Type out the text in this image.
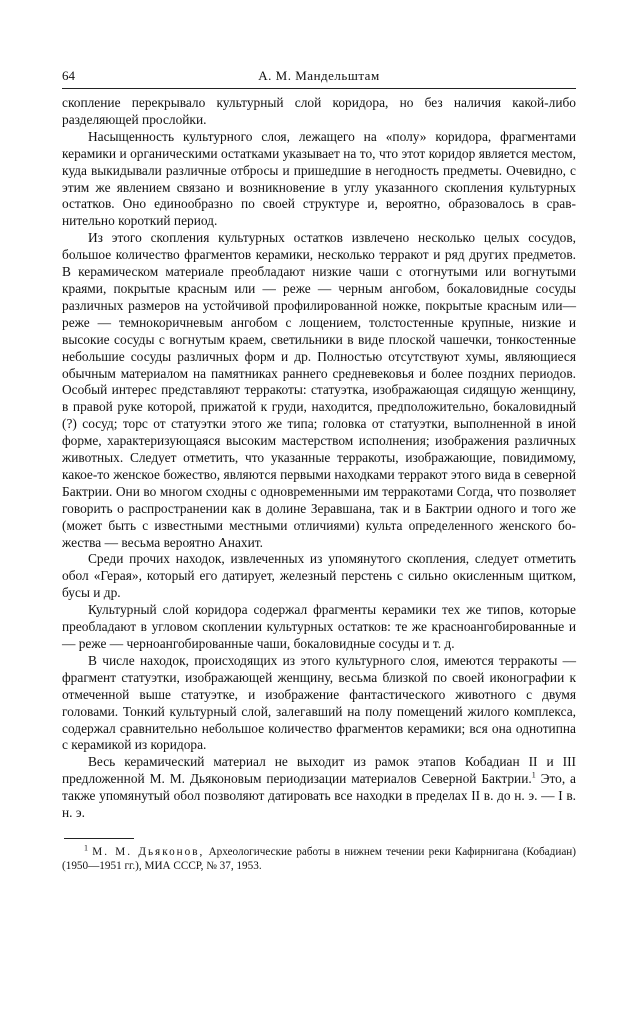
64	А. М. Мандельштам

скопление перекрывало культурный слой коридора, но без наличия какой-либо разделяющей прослойки.

Насыщенность культурного слоя, лежащего на «полу» коридора, фрагментами керамики и органическими остатками указывает на то, что этот коридор является местом, куда выкидывали различные отбросы и пришедшие в негодность предметы. Очевидно, с этим же явлением связано и возникновение в углу указанного скопления культурных остатков. Оно единообразно по своей структуре и, вероятно, образовалось в сравнительно короткий период.

Из этого скопления культурных остатков извлечено несколько целых сосудов, большое количество фрагментов керамики, несколько терракот и ряд других предметов. В керамическом материале преобладают низкие чаши с отогнутыми или вогнутыми краями, покрытые красным или — реже — черным ангобом, бокаловидные сосуды различных размеров на устойчивой профилированной ножке, покрытые красным или— реже — темнокоричневым ангобом с лощением, толстостенные крупные, низкие и высокие сосуды с вогнутым краем, светильники в виде плоской чашечки, тонкостенные небольшие сосуды различных форм и др. Полностью отсутствуют хумы, являющиеся обычным материалом на памятниках раннего средневековья и более поздних периодов. Особый интерес представляют терракоты: статуэтка, изображающая сидящую женщину, в правой руке которой, прижатой к груди, находится, предположительно, бокаловидный (?) сосуд; торс от статуэтки этого же типа; головка от статуэтки, выполненной в иной форме, характеризующаяся высоким мастерством исполнения; изображения различных животных. Следует отметить, что указанные терракоты, изображающие, повидимому, какое-то женское божество, являются первыми находками терракот этого вида в северной Бактрии. Они во многом сходны с одновременными им терракотами Согда, что позволяет говорить о распространении как в долине Зеравшана, так и в Бактрии одного и того же (может быть с известными местными отличиями) культа определенного женского божества — весьма вероятно Анахит.

Среди прочих находок, извлеченных из упомянутого скопления, следует отметить обол «Герая», который его датирует, железный перстень с сильно окисленным щитком, бусы и др.

Культурный слой коридора содержал фрагменты керамики тех же типов, которые преобладают в угловом скоплении культурных остатков: те же красноангобированные и — реже — черноангобированные чаши, бокаловидные сосуды и т. д.

В числе находок, происходящих из этого культурного слоя, имеются терракоты — фрагмент статуэтки, изображающей женщину, весьма близкой по своей иконографии к отмеченной выше статуэтке, и изображение фантастического животного с двумя головами. Тонкий культурный слой, залегавший на полу помещений жилого комплекса, содержал сравнительно небольшое количество фрагментов керамики; вся она однотипна с керамикой из коридора.

Весь керамический материал не выходит из рамок этапов Кобадиан II и III предложенной М. М. Дьяконовым периодизации материалов Северной Бактрии.$^1$ Это, а также упомянутый обол позволяют датировать все находки в пределах II в. до н. э. — I в. н. э.

$^1$ М. М. Дьяконов, Археологические работы в нижнем течении реки Кафирнигана (Кобадиан) (1950—1951 гг.), МИА СССР, № 37, 1953.
